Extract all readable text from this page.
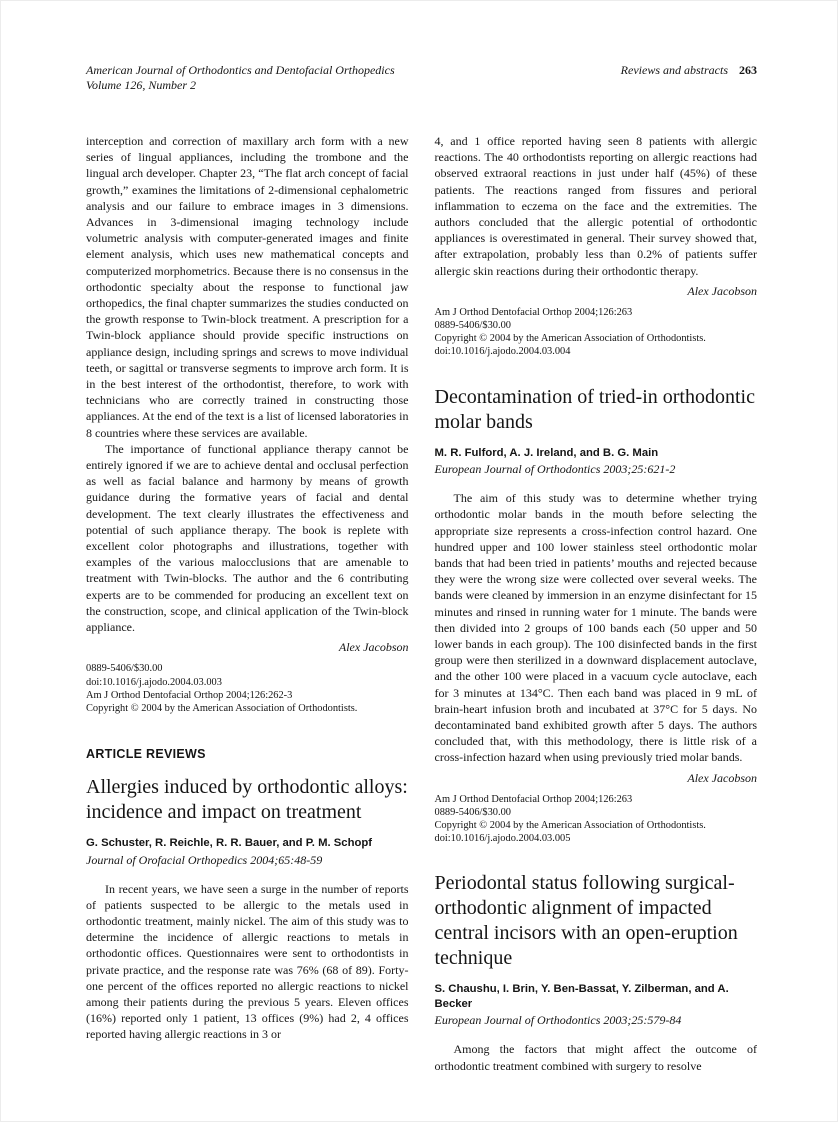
American Journal of Orthodontics and Dentofacial Orthopedics
Volume 126, Number 2
Reviews and abstracts 263

interception and correction of maxillary arch form with a new series of lingual appliances, including the trombone and the lingual arch developer. Chapter 23, “The flat arch concept of facial growth,” examines the limitations of 2-dimensional cephalometric analysis and our failure to embrace images in 3 dimensions. Advances in 3-dimensional imaging technology include volumetric analysis with computer-generated images and finite element analysis, which uses new mathematical concepts and computerized morphometrics. Because there is no consensus in the orthodontic specialty about the response to functional jaw orthopedics, the final chapter summarizes the studies conducted on the growth response to Twin-block treatment. A prescription for a Twin-block appliance should provide specific instructions on appliance design, including springs and screws to move individual teeth, or sagittal or transverse segments to improve arch form. It is in the best interest of the orthodontist, therefore, to work with technicians who are correctly trained in constructing those appliances. At the end of the text is a list of licensed laboratories in 8 countries where these services are available.

The importance of functional appliance therapy cannot be entirely ignored if we are to achieve dental and occlusal perfection as well as facial balance and harmony by means of growth guidance during the formative years of facial and dental development. The text clearly illustrates the effectiveness and potential of such appliance therapy. The book is replete with excellent color photographs and illustrations, together with examples of the various malocclusions that are amenable to treatment with Twin-blocks. The author and the 6 contributing experts are to be commended for producing an excellent text on the construction, scope, and clinical application of the Twin-block appliance.

Alex Jacobson
0889-5406/$30.00
doi:10.1016/j.ajodo.2004.03.003
Am J Orthod Dentofacial Orthop 2004;126:262-3
Copyright © 2004 by the American Association of Orthodontists.
ARTICLE REVIEWS
Allergies induced by orthodontic alloys: incidence and impact on treatment
G. Schuster, R. Reichle, R. R. Bauer, and P. M. Schopf
Journal of Orofacial Orthopedics 2004;65:48-59

In recent years, we have seen a surge in the number of reports of patients suspected to be allergic to the metals used in orthodontic treatment, mainly nickel. The aim of this study was to determine the incidence of allergic reactions to metals in orthodontic offices. Questionnaires were sent to orthodontists in private practice, and the response rate was 76% (68 of 89). Forty-one percent of the offices reported no allergic reactions to nickel among their patients during the previous 5 years. Eleven offices (16%) reported only 1 patient, 13 offices (9%) had 2, 4 offices reported having allergic reactions in 3 or

4, and 1 office reported having seen 8 patients with allergic reactions. The 40 orthodontists reporting on allergic reactions had observed extraoral reactions in just under half (45%) of these patients. The reactions ranged from fissures and perioral inflammation to eczema on the face and the extremities. The authors concluded that the allergic potential of orthodontic appliances is overestimated in general. Their survey showed that, after extrapolation, probably less than 0.2% of patients suffer allergic skin reactions during their orthodontic therapy.

Alex Jacobson
Am J Orthod Dentofacial Orthop 2004;126:263
0889-5406/$30.00
Copyright © 2004 by the American Association of Orthodontists.
doi:10.1016/j.ajodo.2004.03.004
Decontamination of tried-in orthodontic molar bands
M. R. Fulford, A. J. Ireland, and B. G. Main
European Journal of Orthodontics 2003;25:621-2

The aim of this study was to determine whether trying orthodontic molar bands in the mouth before selecting the appropriate size represents a cross-infection control hazard. One hundred upper and 100 lower stainless steel orthodontic molar bands that had been tried in patients’ mouths and rejected because they were the wrong size were collected over several weeks. The bands were cleaned by immersion in an enzyme disinfectant for 15 minutes and rinsed in running water for 1 minute. The bands were then divided into 2 groups of 100 bands each (50 upper and 50 lower bands in each group). The 100 disinfected bands in the first group were then sterilized in a downward displacement autoclave, and the other 100 were placed in a vacuum cycle autoclave, each for 3 minutes at 134°C. Then each band was placed in 9 mL of brain-heart infusion broth and incubated at 37°C for 5 days. No decontaminated band exhibited growth after 5 days. The authors concluded that, with this methodology, there is little risk of a cross-infection hazard when using previously tried molar bands.

Alex Jacobson
Am J Orthod Dentofacial Orthop 2004;126:263
0889-5406/$30.00
Copyright © 2004 by the American Association of Orthodontists.
doi:10.1016/j.ajodo.2004.03.005
Periodontal status following surgical-orthodontic alignment of impacted central incisors with an open-eruption technique
S. Chaushu, I. Brin, Y. Ben-Bassat, Y. Zilberman, and A. Becker
European Journal of Orthodontics 2003;25:579-84

Among the factors that might affect the outcome of orthodontic treatment combined with surgery to resolve
